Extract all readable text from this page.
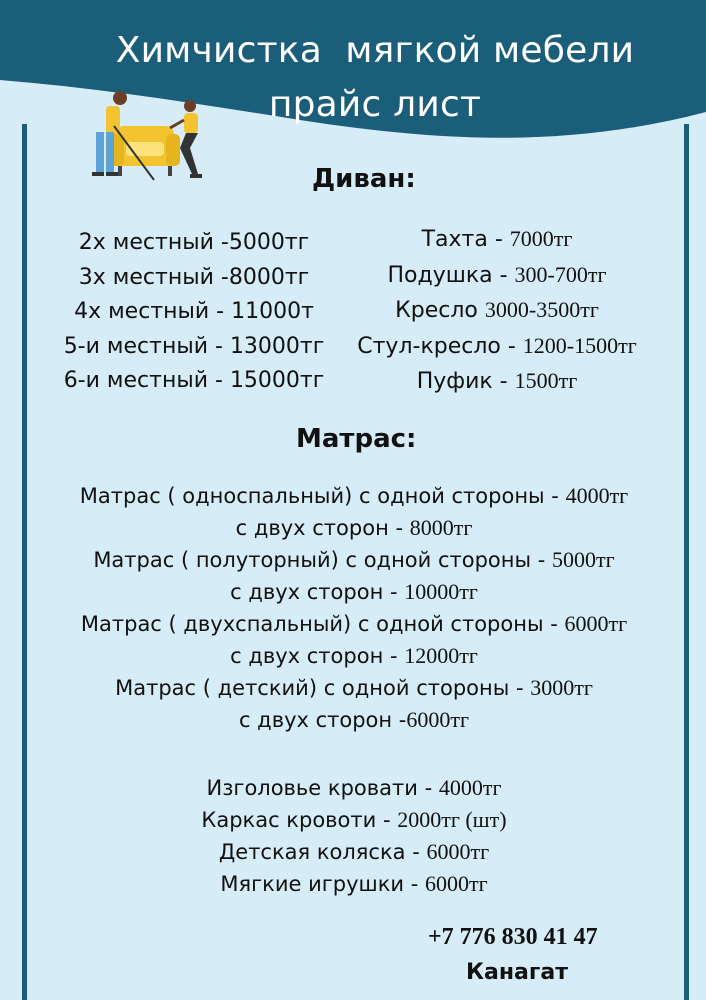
Химчистка  мягкой мебели
прайс лист
Диван:
2х местный -5000тг
3х местный -8000тг
4х местный - 11000т
5-и местный - 13000тг
6-и местный - 15000тг
Тахта - 7000тг
Подушка - 300-700тг
Кресло 3000-3500тг
Стул-кресло - 1200-1500тг
Пуфик - 1500тг
Матрас:
Матрас ( односпальный) с одной стороны - 4000тг
с двух сторон - 8000тг
Матрас ( полуторный) с одной стороны - 5000тг
с двух сторон - 10000тг
Матрас ( двухспальный) с одной стороны - 6000тг
с двух сторон - 12000тг
Матрас ( детский) с одной стороны - 3000тг
с двух сторон -6000тг
Изголовье кровати - 4000тг
Каркас кровоти - 2000тг (шт)
Детская коляска - 6000тг
Мягкие игрушки - 6000тг
+7 776 830 41 47
Канагат
